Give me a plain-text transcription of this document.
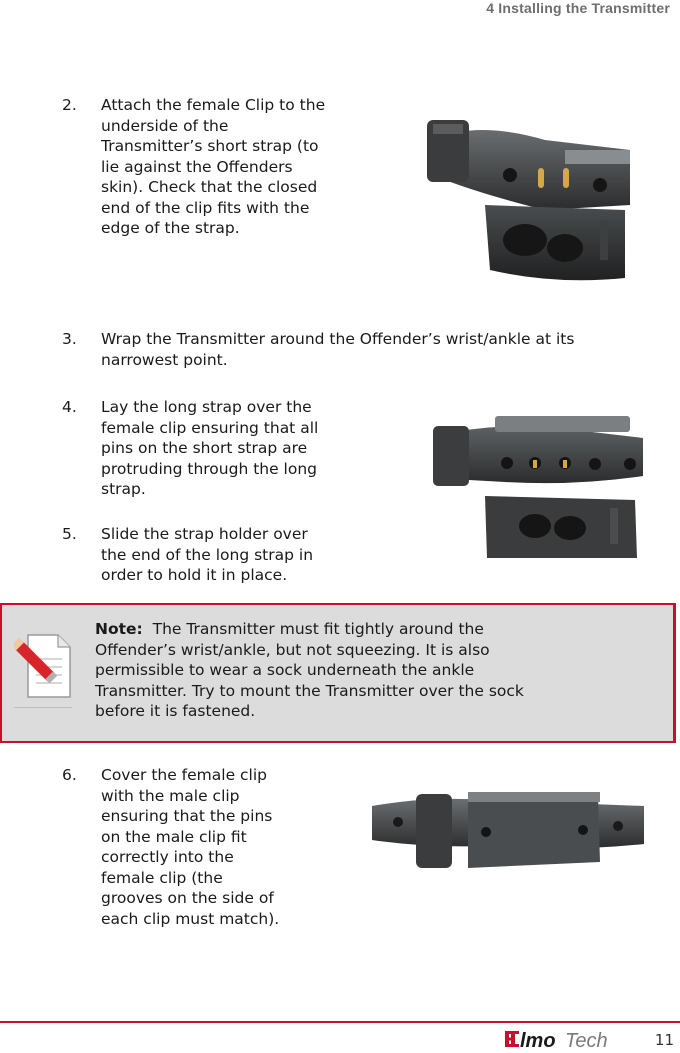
4 Installing the Transmitter
2. Attach the female Clip to the
underside of the
Transmitter’s short strap (to
lie against the Offenders
skin). Check that the closed
end of the clip fits with the
edge of the strap.
3. Wrap the Transmitter around the Offender’s wrist/ankle at its
narrowest point.
4. Lay the long strap over the
female clip ensuring that all
pins on the short strap are
protruding through the long
strap.
5. Slide the strap holder over
the end of the long strap in
order to hold it in place.
Note:  The Transmitter must fit tightly around the
Offender’s wrist/ankle, but not squeezing. It is also
permissible to wear a sock underneath the ankle
Transmitter. Try to mount the Transmitter over the sock
before it is fastened.
6. Cover the female clip
with the male clip
ensuring that the pins
on the male clip fit
correctly into the
female clip (the
grooves on the side of
each clip must match).
lmo Tech	11
